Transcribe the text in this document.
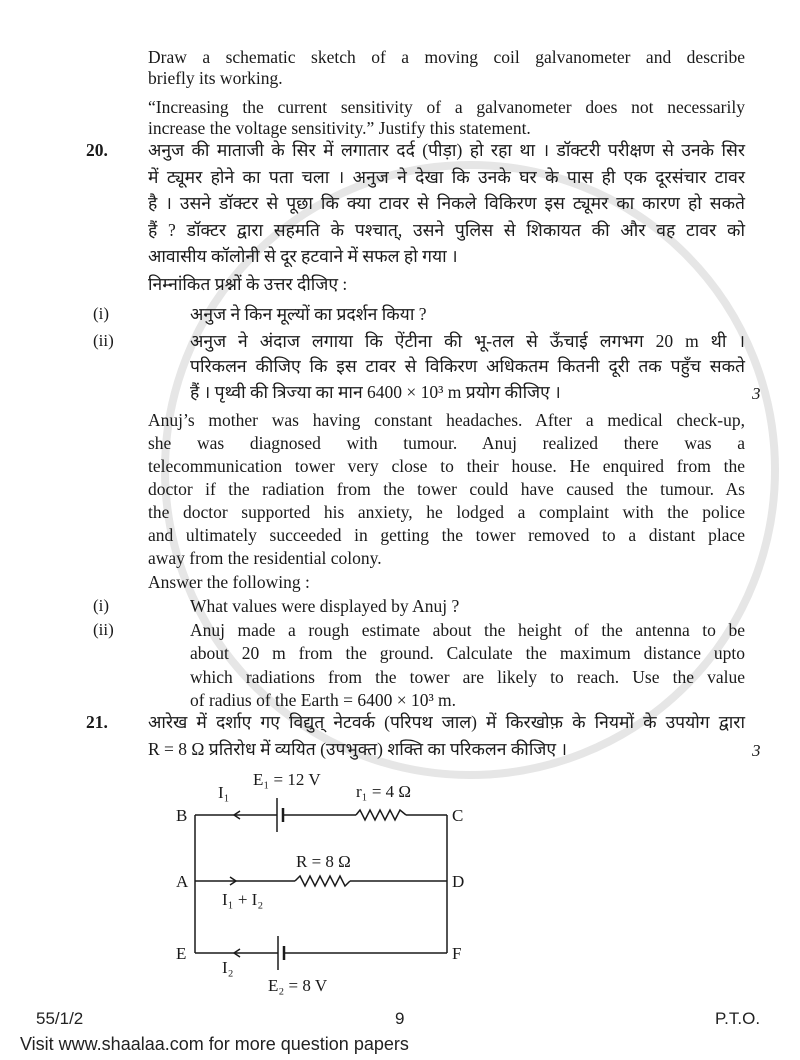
Draw a schematic sketch of a moving coil galvanometer and describe
briefly its working.
“Increasing the current sensitivity of a galvanometer does not necessarily
increase the voltage sensitivity.” Justify this statement.
20. अनुज की माताजी के सिर में लगातार दर्द (पीड़ा) हो रहा था । डॉक्टरी परीक्षण से उनके सिर
में ट्यूमर होने का पता चला । अनुज ने देखा कि उनके घर के पास ही एक दूरसंचार टावर
है । उसने डॉक्टर से पूछा कि क्या टावर से निकले विकिरण इस ट्यूमर का कारण हो सकते
हैं ? डॉक्टर द्वारा सहमति के पश्चात्, उसने पुलिस से शिकायत की और वह टावर को
आवासीय कॉलोनी से दूर हटवाने में सफल हो गया ।
निम्नांकित प्रश्नों के उत्तर दीजिए :
(i)	अनुज ने किन मूल्यों का प्रदर्शन किया ?
(ii)	अनुज ने अंदाज लगाया कि ऐंटीना की भू-तल से ऊँचाई लगभग 20 m थी ।
परिकलन कीजिए कि इस टावर से विकिरण अधिकतम कितनी दूरी तक पहुँच सकते
हैं । पृथ्वी की त्रिज्या का मान 6400 × 10³ m प्रयोग कीजिए ।	3
Anuj’s mother was having constant headaches. After a medical check-up,
she was diagnosed with tumour. Anuj realized there was a
telecommunication tower very close to their house. He enquired from the
doctor if the radiation from the tower could have caused the tumour. As
the doctor supported his anxiety, he lodged a complaint with the police
and ultimately succeeded in getting the tower removed to a distant place
away from the residential colony.
Answer the following :
(i)	What values were displayed by Anuj ?
(ii)	Anuj made a rough estimate about the height of the antenna to be
about 20 m from the ground. Calculate the maximum distance upto
which radiations from the tower are likely to reach. Use the value
of radius of the Earth = 6400 × 10³ m.
21. आरेख में दर्शाए गए विद्युत् नेटवर्क (परिपथ जाल) में किरखोफ़ के नियमों के उपयोग द्वारा
R = 8 Ω प्रतिरोध में व्ययित (उपभुक्त) शक्ति का परिकलन कीजिए ।	3
B	C
A	D
E	F
E₁ = 12 V
r₁ = 4 Ω
R = 8 Ω
E₂ = 8 V
I₁
I₁ + I₂
I₂
55/1/2	9	P.T.O.
Visit www.shaalaa.com for more question papers
